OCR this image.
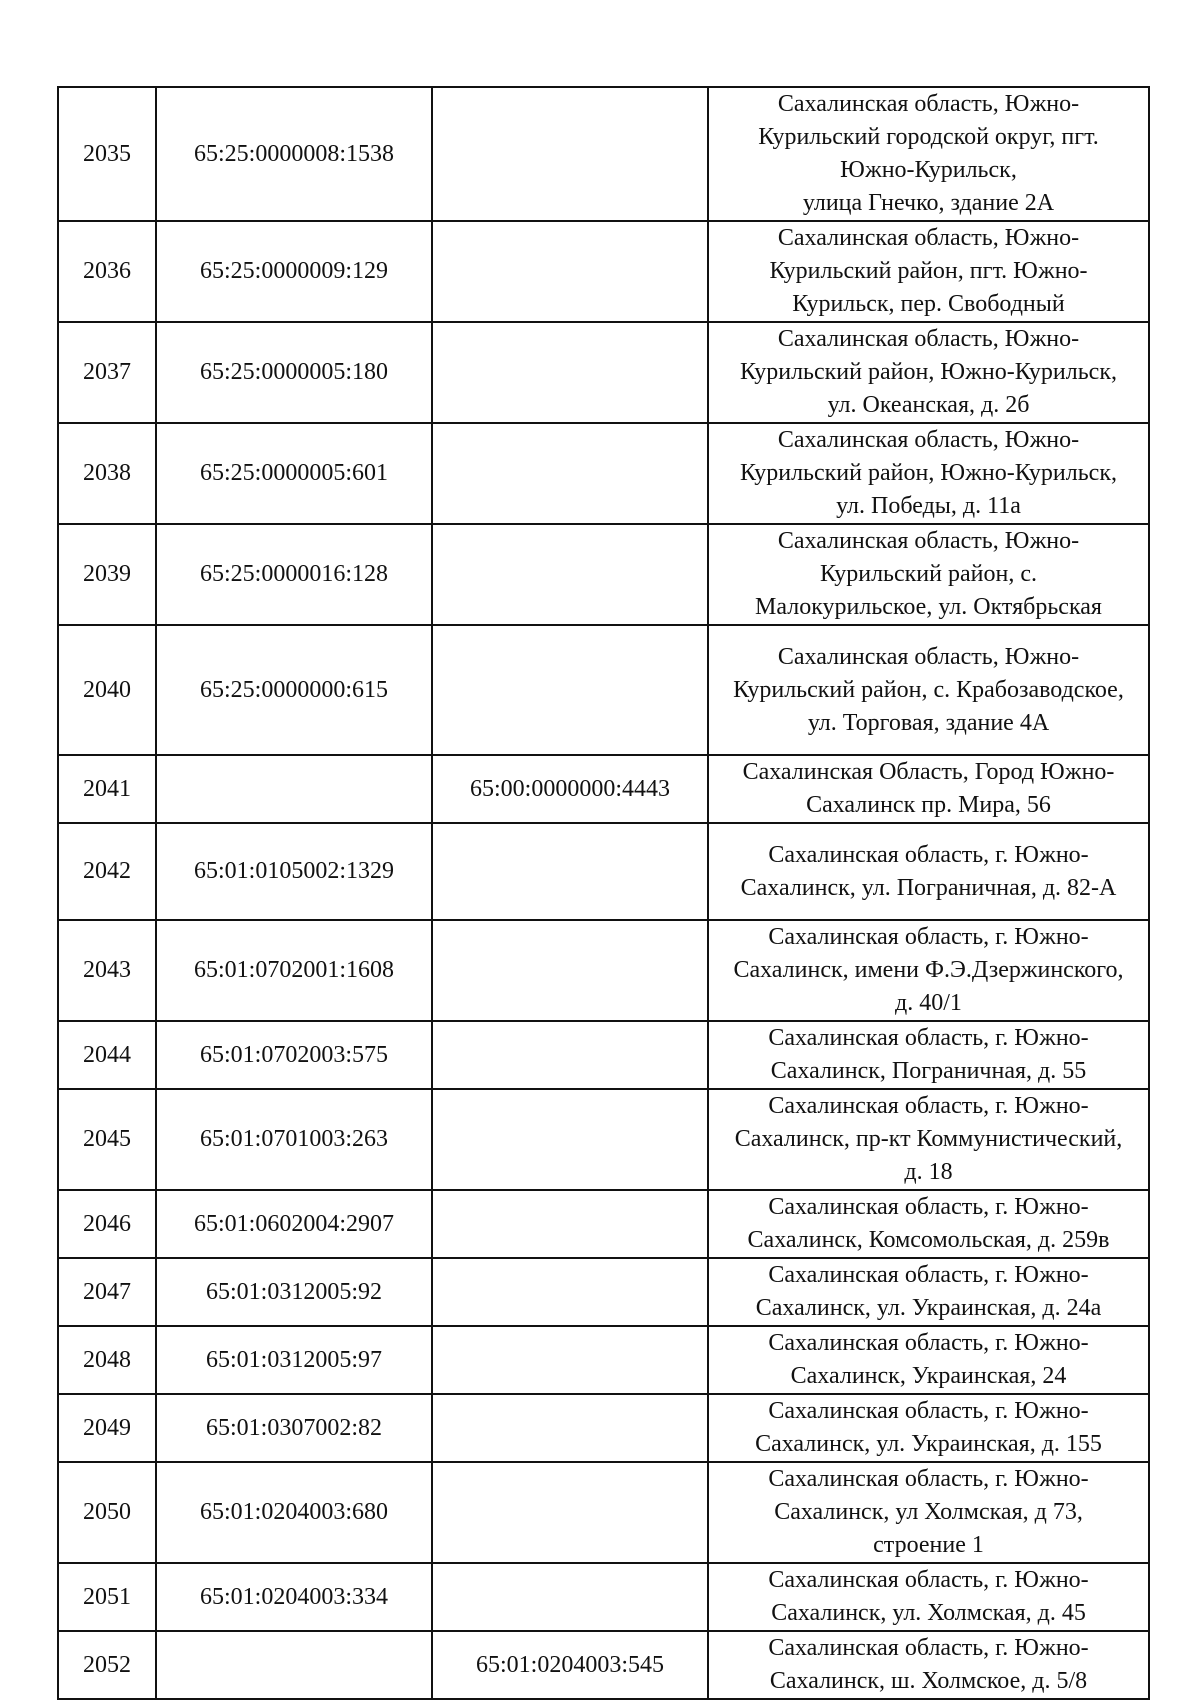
2035	65:25:0000008:1538		Сахалинская область, Южно-
Курильский городской округ, пгт.
Южно-Курильск,
улица Гнечко, здание 2А

2036	65:25:0000009:129		Сахалинская область, Южно-
Курильский район, пгт. Южно-
Курильск, пер. Свободный

2037	65:25:0000005:180		Сахалинская область, Южно-
Курильский район, Южно-Курильск,
ул. Океанская, д. 2б

2038	65:25:0000005:601		Сахалинская область, Южно-
Курильский район, Южно-Курильск,
ул. Победы, д. 11а

2039	65:25:0000016:128		Сахалинская область, Южно-
Курильский район, с.
Малокурильское, ул. Октябрьская

2040	65:25:0000000:615		Сахалинская область, Южно-
Курильский район, с. Крабозаводское,
ул. Торговая, здание 4А

2041		65:00:0000000:4443	Сахалинская Область, Город Южно-
Сахалинск пр. Мира, 56

2042	65:01:0105002:1329		Сахалинская область, г. Южно-
Сахалинск, ул. Пограничная, д. 82-А

2043	65:01:0702001:1608		Сахалинская область, г. Южно-
Сахалинск, имени Ф.Э.Дзержинского,
д. 40/1

2044	65:01:0702003:575		Сахалинская область, г. Южно-
Сахалинск, Пограничная, д. 55

2045	65:01:0701003:263		Сахалинская область, г. Южно-
Сахалинск, пр-кт Коммунистический,
д. 18

2046	65:01:0602004:2907		Сахалинская область, г. Южно-
Сахалинск, Комсомольская, д. 259в

2047	65:01:0312005:92		Сахалинская область, г. Южно-
Сахалинск, ул. Украинская, д. 24а

2048	65:01:0312005:97		Сахалинская область, г. Южно-
Сахалинск, Украинская, 24

2049	65:01:0307002:82		Сахалинская область, г. Южно-
Сахалинск, ул. Украинская, д. 155

2050	65:01:0204003:680		Сахалинская область, г. Южно-
Сахалинск, ул Холмская, д 73,
строение 1

2051	65:01:0204003:334		Сахалинская область, г. Южно-
Сахалинск, ул. Холмская, д. 45

2052		65:01:0204003:545	Сахалинская область, г. Южно-
Сахалинск, ш. Холмское, д. 5/8
